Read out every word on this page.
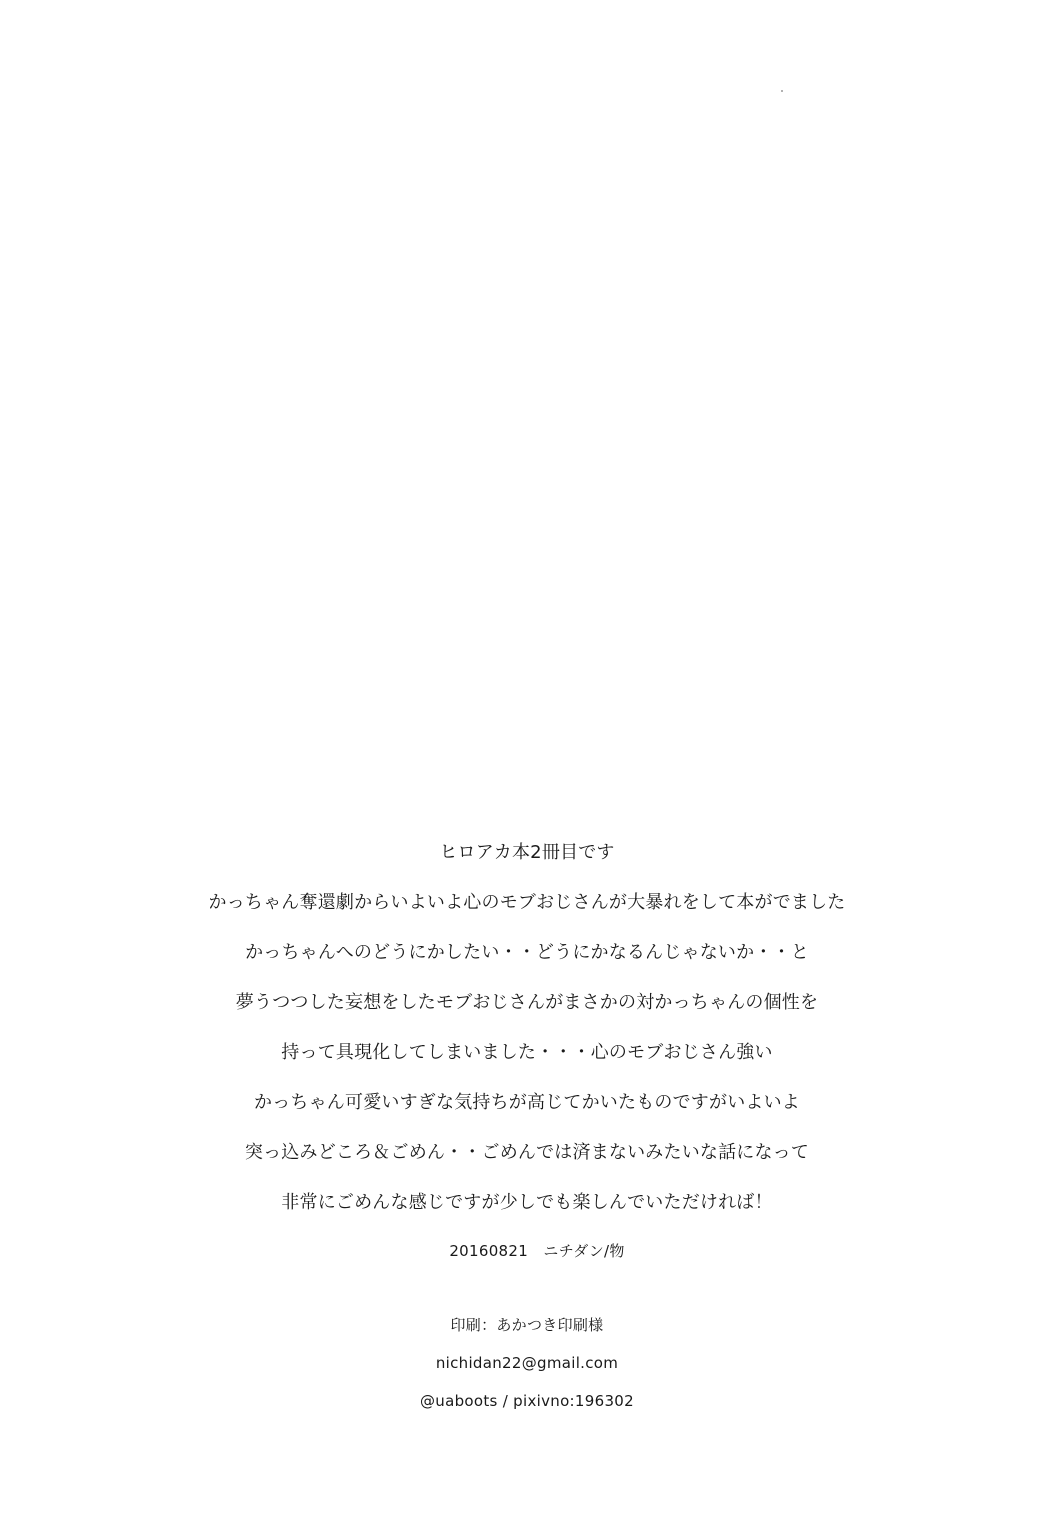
ヒロアカ本2冊目です
かっちゃん奪還劇からいよいよ心のモブおじさんが大暴れをして本がでました
かっちゃんへのどうにかしたい・・どうにかなるんじゃないか・・と
夢うつつした妄想をしたモブおじさんがまさかの対かっちゃんの個性を
持って具現化してしまいました・・・心のモブおじさん強い
かっちゃん可愛いすぎな気持ちが高じてかいたものですがいよいよ
突っ込みどころ＆ごめん・・ごめんでは済まないみたいな話になって
非常にごめんな感じですが少しでも楽しんでいただければ！
20160821　ニチダン/物
印刷：あかつき印刷様
nichidan22@gmail.com
@uaboots / pixivno:196302
